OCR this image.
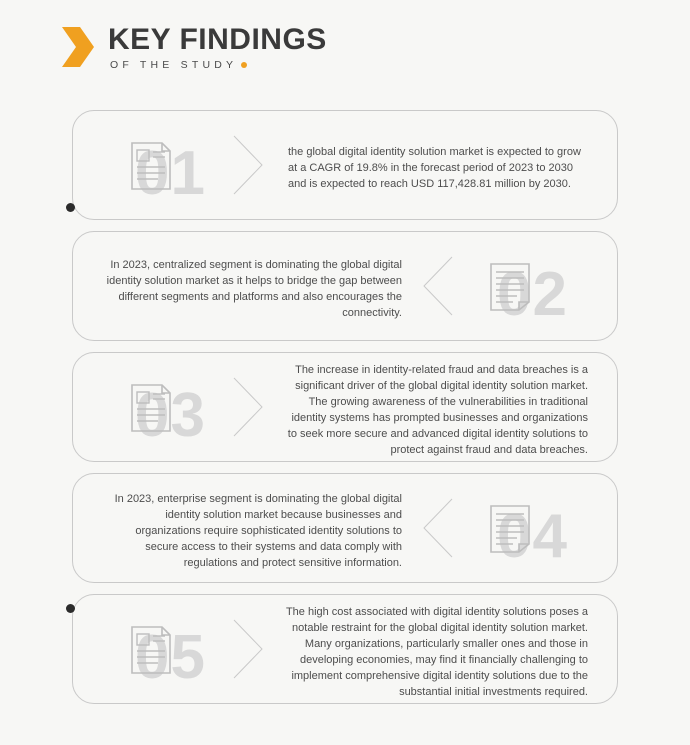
KEY FINDINGS
OF THE STUDY
01	the global digital identity solution market is expected to grow at a CAGR of 19.8% in the forecast period of 2023 to 2030 and is expected to reach USD 117,428.81 million by 2030.
02
In 2023, centralized segment is dominating the global digital identity solution market as it helps to bridge the gap between different segments and platforms and also encourages the connectivity.
03
The increase in identity-related fraud and data breaches is a significant driver of the global digital identity solution market. The growing awareness of the vulnerabilities in traditional identity systems has prompted businesses and organizations to seek more secure and advanced digital identity solutions to protect against fraud and data breaches.
04
In 2023, enterprise segment is dominating the global digital identity solution market because businesses and organizations require sophisticated identity solutions to secure access to their systems and data comply with regulations and protect sensitive information.
05
The high cost associated with digital identity solutions poses a notable restraint for the global digital identity solution market. Many organizations, particularly smaller ones and those in developing economies, may find it financially challenging to implement comprehensive digital identity solutions due to the substantial initial investments required.
